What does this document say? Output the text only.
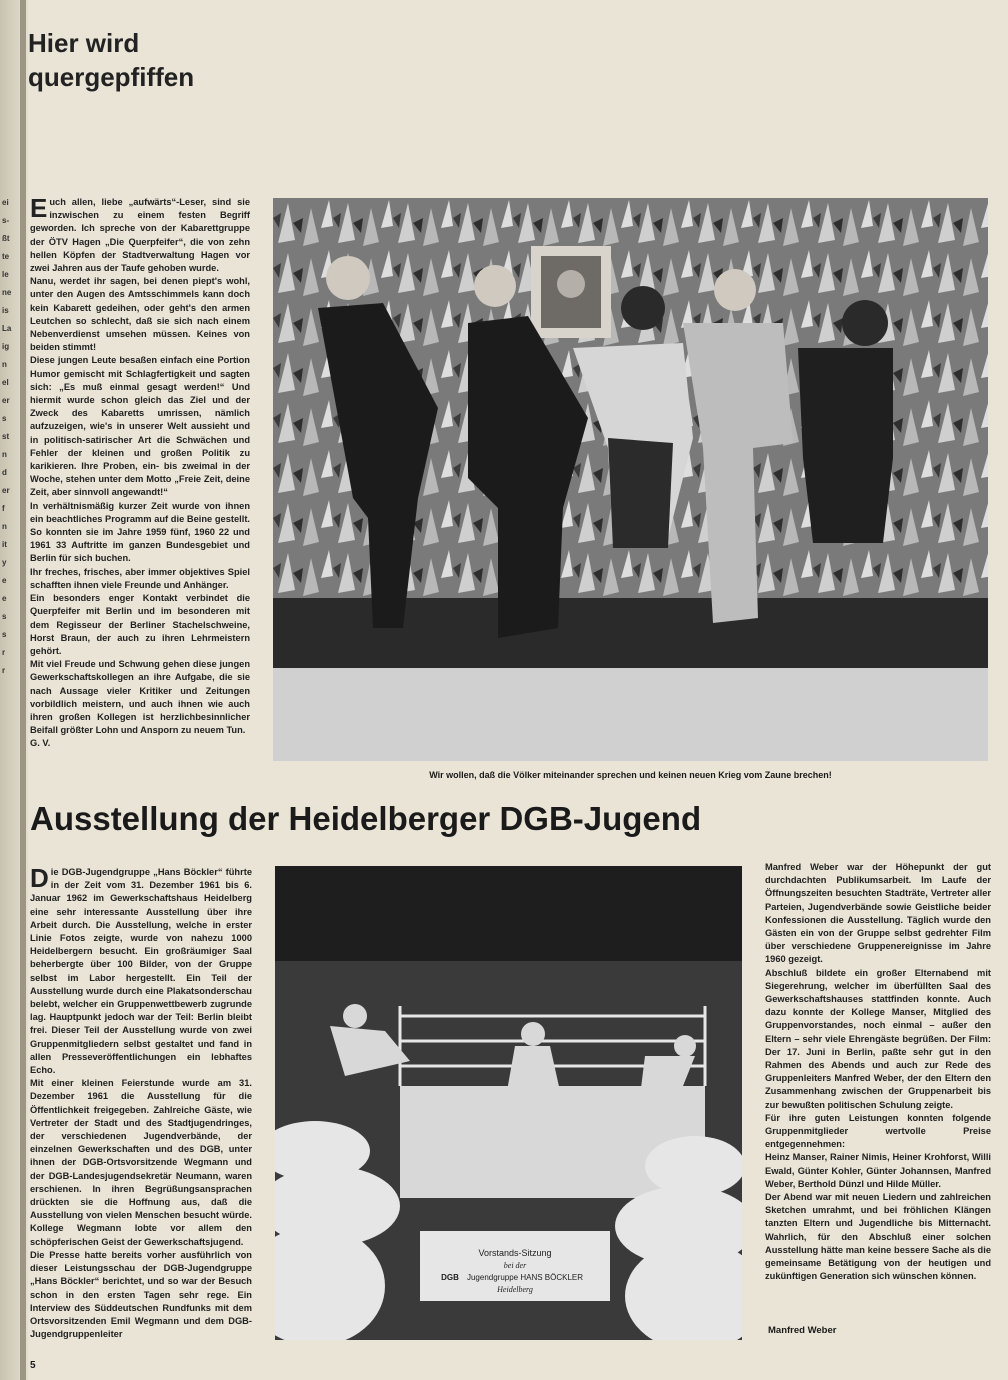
ei
s-
ßt
te
le
ne
is
La
ig
n
el
er
s
st
n
d
er
f
n
it
y
e
e
s
s
r
r
Hier wird
quergepfiffen

Euch allen, liebe „aufwärts“-Leser, sind sie inzwischen zu einem festen Begriff geworden. Ich spreche von der Kabarettgruppe der ÖTV Hagen „Die Querpfeifer“, die von zehn hellen Köpfen der Stadtverwaltung Hagen vor zwei Jahren aus der Taufe gehoben wurde.

Nanu, werdet ihr sagen, bei denen piept's wohl, unter den Augen des Amtsschimmels kann doch kein Kabarett gedeihen, oder geht's den armen Leutchen so schlecht, daß sie sich nach einem Nebenverdienst umsehen müssen. Keines von beiden stimmt!

Diese jungen Leute besaßen einfach eine Portion Humor gemischt mit Schlagfertigkeit und sagten sich: „Es muß einmal gesagt werden!“ Und hiermit wurde schon gleich das Ziel und der Zweck des Kabaretts umrissen, nämlich aufzuzeigen, wie's in unserer Welt aussieht und in politisch-satirischer Art die Schwächen und Fehler der kleinen und großen Politik zu karikieren. Ihre Proben, ein- bis zweimal in der Woche, stehen unter dem Motto „Freie Zeit, deine Zeit, aber sinnvoll angewandt!“

In verhältnismäßig kurzer Zeit wurde von ihnen ein beachtliches Programm auf die Beine gestellt. So konnten sie im Jahre 1959 fünf, 1960 22 und 1961 33 Auftritte im ganzen Bundesgebiet und Berlin für sich buchen.

Ihr freches, frisches, aber immer objektives Spiel schafften ihnen viele Freunde und Anhänger.

Ein besonders enger Kontakt verbindet die Querpfeifer mit Berlin und im besonderen mit dem Regisseur der Berliner Stachelschweine, Horst Braun, der auch zu ihren Lehrmeistern gehört.

Mit viel Freude und Schwung gehen diese jungen Gewerkschaftskollegen an ihre Aufgabe, die sie nach Aussage vieler Kritiker und Zeitungen vorbildlich meistern, und auch ihnen wie auch ihren großen Kollegen ist herzlichbesinnlicher Beifall größter Lohn und Ansporn zu neuem Tun.

G. V.

Wir wollen, daß die Völker miteinander sprechen und keinen neuen Krieg vom Zaune brechen!
Ausstellung der Heidelberger DGB-Jugend

Die DGB-Jugendgruppe „Hans Böckler“ führte in der Zeit vom 31. Dezember 1961 bis 6. Januar 1962 im Gewerkschaftshaus Heidelberg eine sehr interessante Ausstellung über ihre Arbeit durch. Die Ausstellung, welche in erster Linie Fotos zeigte, wurde von nahezu 1000 Heidelbergern besucht. Ein großräumiger Saal beherbergte über 100 Bilder, von der Gruppe selbst im Labor hergestellt. Ein Teil der Ausstellung wurde durch eine Plakatsonderschau belebt, welcher ein Gruppenwettbewerb zugrunde lag. Hauptpunkt jedoch war der Teil: Berlin bleibt frei. Dieser Teil der Ausstellung wurde von zwei Gruppenmitgliedern selbst gestaltet und fand in allen Presseveröffentlichungen ein lebhaftes Echo.

Mit einer kleinen Feierstunde wurde am 31. Dezember 1961 die Ausstellung für die Öffentlichkeit freigegeben. Zahlreiche Gäste, wie Vertreter der Stadt und des Stadtjugendringes, der verschiedenen Jugendverbände, der einzelnen Gewerkschaften und des DGB, unter ihnen der DGB-Ortsvorsitzende Wegmann und der DGB-Landesjugendsekretär Neumann, waren erschienen. In ihren Begrüßungsansprachen drückten sie die Hoffnung aus, daß die Ausstellung von vielen Menschen besucht würde. Kollege Wegmann lobte vor allem den schöpferischen Geist der Gewerkschaftsjugend.

Die Presse hatte bereits vorher ausführlich von dieser Leistungsschau der DGB-Jugendgruppe „Hans Böckler“ berichtet, und so war der Besuch schon in den ersten Tagen sehr rege. Ein Interview des Süddeutschen Rundfunks mit dem Ortsvorsitzenden Emil Wegmann und dem DGB-Jugendgruppenleiter

Vorstands-Sitzung
bei der
DGB Jugendgruppe HANS BÖCKLER
Heidelberg

Manfred Weber war der Höhepunkt der gut durchdachten Publikumsarbeit. Im Laufe der Öffnungszeiten besuchten Stadträte, Vertreter aller Parteien, Jugendverbände sowie Geistliche beider Konfessionen die Ausstellung. Täglich wurde den Gästen ein von der Gruppe selbst gedrehter Film über verschiedene Gruppenereignisse im Jahre 1960 gezeigt.

Abschluß bildete ein großer Elternabend mit Siegerehrung, welcher im überfüllten Saal des Gewerkschaftshauses stattfinden konnte. Auch dazu konnte der Kollege Manser, Mitglied des Gruppenvorstandes, noch einmal – außer den Eltern – sehr viele Ehrengäste begrüßen. Der Film: Der 17. Juni in Berlin, paßte sehr gut in den Rahmen des Abends und auch zur Rede des Gruppenleiters Manfred Weber, der den Eltern den Zusammenhang zwischen der Gruppenarbeit bis zur bewußten politischen Schulung zeigte.

Für ihre guten Leistungen konnten folgende Gruppenmitglieder wertvolle Preise entgegennehmen:

Heinz Manser, Rainer Nimis, Heiner Krohforst, Willi Ewald, Günter Kohler, Günter Johannsen, Manfred Weber, Berthold Dünzl und Hilde Müller.

Der Abend war mit neuen Liedern und zahlreichen Sketchen umrahmt, und bei fröhlichen Klängen tanzten Eltern und Jugendliche bis Mitternacht. Wahrlich, für den Abschluß einer solchen Ausstellung hätte man keine bessere Sache als die gemeinsame Betätigung von der heutigen und zukünftigen Generation sich wünschen können.

Manfred Weber
5
